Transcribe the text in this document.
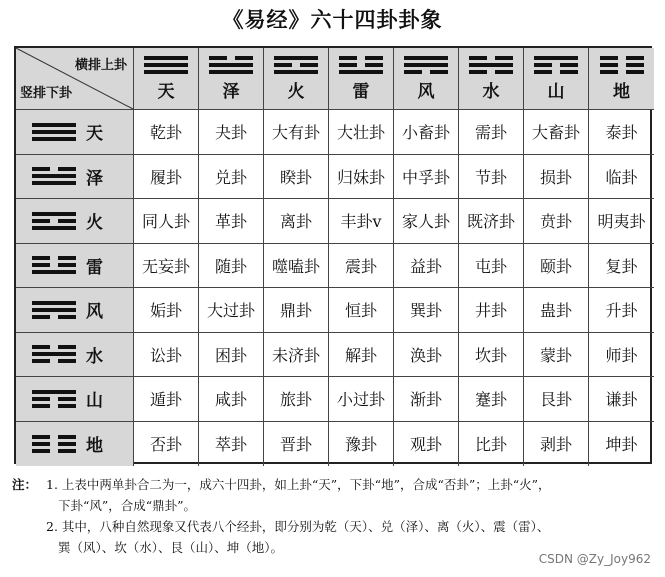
《易经》六十四卦卦象
横排上卦
竖排下卦	天	泽	火	雷	风	水	山	地
天	乾卦	夬卦	大有卦	大壮卦	小畜卦	需卦	大畜卦	泰卦
泽	履卦	兑卦	睽卦	归妹卦	中孚卦	节卦	损卦	临卦
火	同人卦	革卦	离卦	丰卦v	家人卦	既济卦	贲卦	明夷卦
雷	无妄卦	随卦	噬嗑卦	震卦	益卦	屯卦	颐卦	复卦
风	姤卦	大过卦	鼎卦	恒卦	巽卦	井卦	蛊卦	升卦
水	讼卦	困卦	未济卦	解卦	涣卦	坎卦	蒙卦	师卦
山	遁卦	咸卦	旅卦	小过卦	渐卦	蹇卦	艮卦	谦卦
地	否卦	萃卦	晋卦	豫卦	观卦	比卦	剥卦	坤卦
注： 1. 上表中两单卦合二为一，成六十四卦，如上卦“天”，下卦“地”，合成“否卦”；上卦“火”，
下卦“风”，合成“鼎卦”。
2. 其中，八种自然现象又代表八个经卦，即分别为乾（天）、兑（泽）、离（火）、震（雷）、
巽（风）、坎（水）、艮（山）、坤（地）。
CSDN @Zy_Joy962
